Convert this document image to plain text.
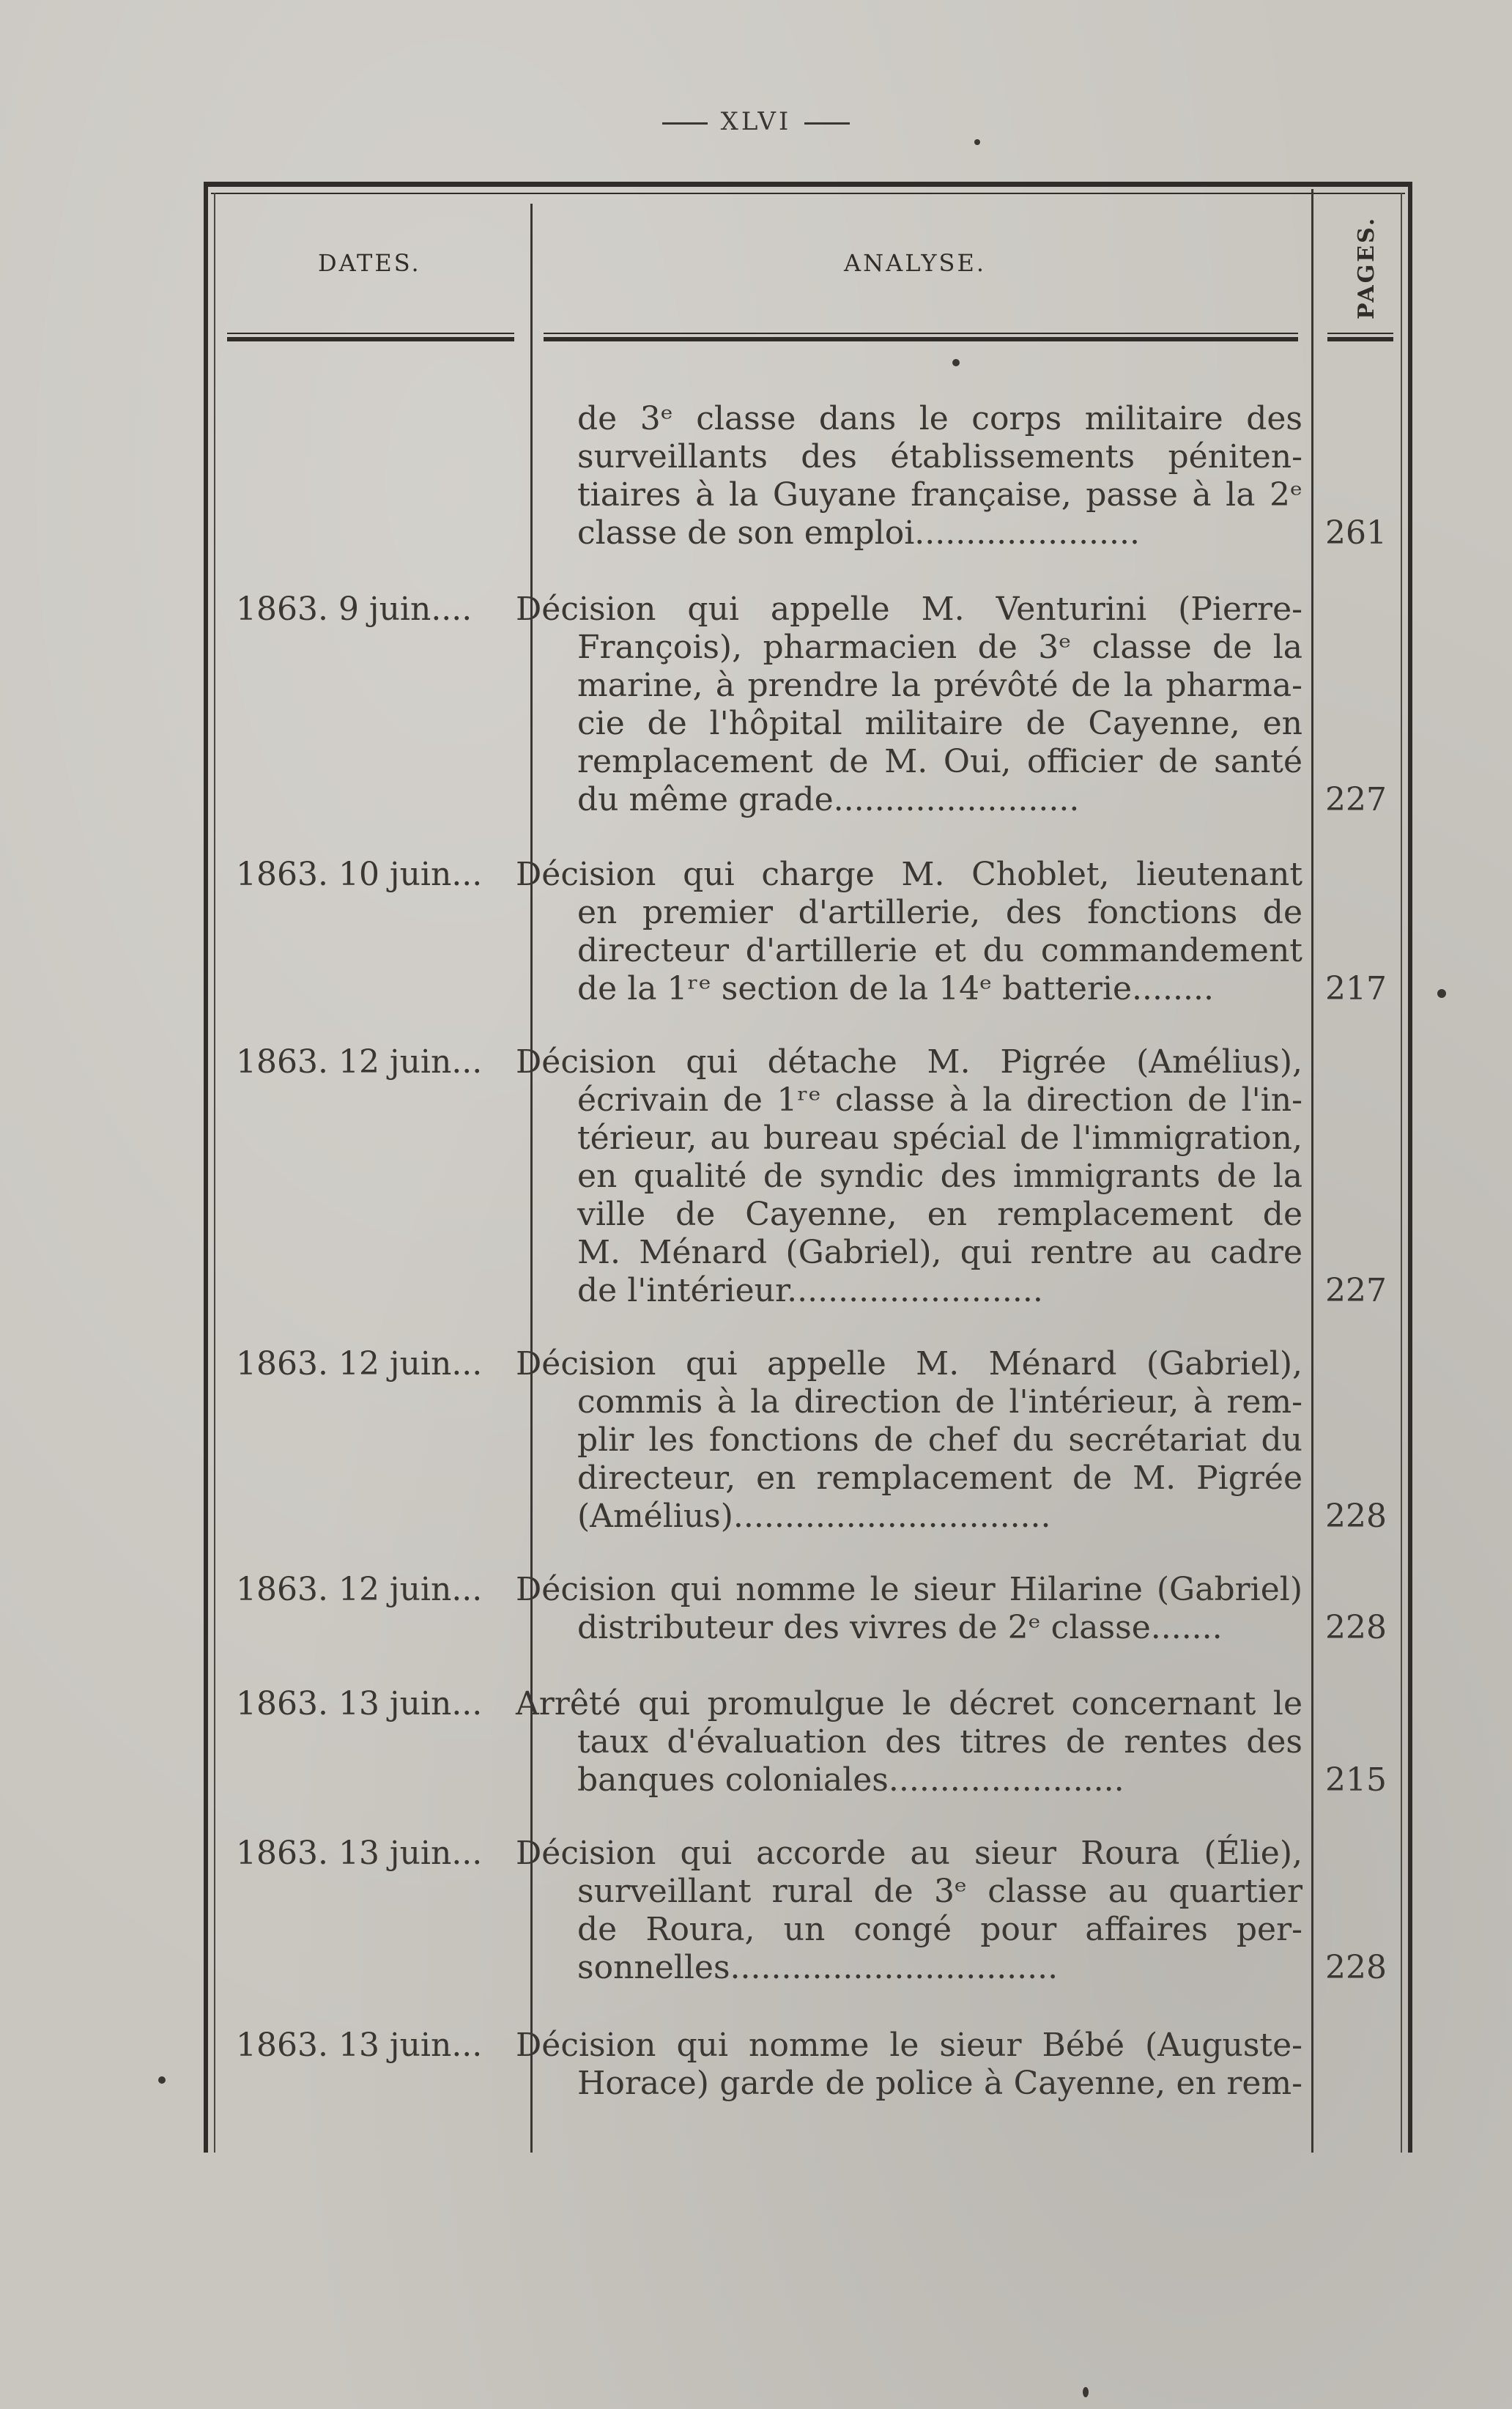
XLVI
DATES.	ANALYSE.	PAGES.
de 3ᵉ classe dans le corps militaire des
surveillants des établissements péniten-
tiaires à la Guyane française, passe à la 2ᵉ
classe de son emploi......................	261
1863. 9 juin.... Décision qui appelle M. Venturini (Pierre-
François), pharmacien de 3ᵉ classe de la
marine, à prendre la prévôté de la pharma-
cie de l'hôpital militaire de Cayenne, en
remplacement de M. Oui, officier de santé
du même grade........................	227
1863. 10 juin... Décision qui charge M. Choblet, lieutenant
en premier d'artillerie, des fonctions de
directeur d'artillerie et du commandement
de la 1ʳᵉ section de la 14ᵉ batterie........	217
1863. 12 juin... Décision qui détache M. Pigrée (Amélius),
écrivain de 1ʳᵉ classe à la direction de l'in-
térieur, au bureau spécial de l'immigration,
en qualité de syndic des immigrants de la
ville de Cayenne, en remplacement de
M. Ménard (Gabriel), qui rentre au cadre
de l'intérieur.........................	227
1863. 12 juin... Décision qui appelle M. Ménard (Gabriel),
commis à la direction de l'intérieur, à rem-
plir les fonctions de chef du secrétariat du
directeur, en remplacement de M. Pigrée
(Amélius)...............................	228
1863. 12 juin... Décision qui nomme le sieur Hilarine (Gabriel)
distributeur des vivres de 2ᵉ classe.......	228
1863. 13 juin... Arrêté qui promulgue le décret concernant le
taux d'évaluation des titres de rentes des
banques coloniales.......................	215
1863. 13 juin... Décision qui accorde au sieur Roura (Élie),
surveillant rural de 3ᵉ classe au quartier
de Roura, un congé pour affaires per-
sonnelles................................	228
1863. 13 juin... Décision qui nomme le sieur Bébé (Auguste-
Horace) garde de police à Cayenne, en rem-
